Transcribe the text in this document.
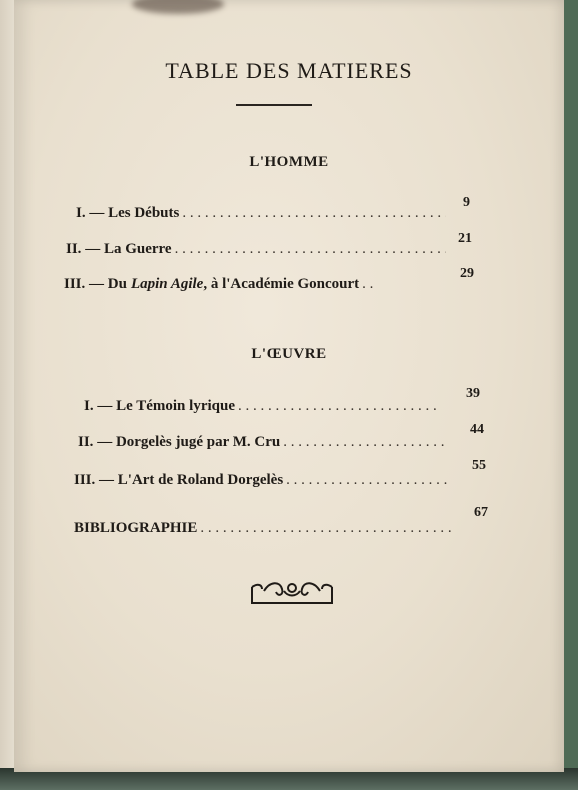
TABLE DES MATIERES
L'HOMME
I.
—
Les Débuts
. . .
9
II.
—
La Guerre
. . .
21
III.
—
Du Lapin Agile , à l'Académie Goncourt
. . .
29
L'ŒUVRE
I.
—
Le Témoin lyrique
. . .
39
II.
—
Dorgelès jugé par M. Cru
. . .
44
III.
—
L'Art de Roland Dorgelès
. . .
55
BIBLIOGRAPHIE
. . .
67
